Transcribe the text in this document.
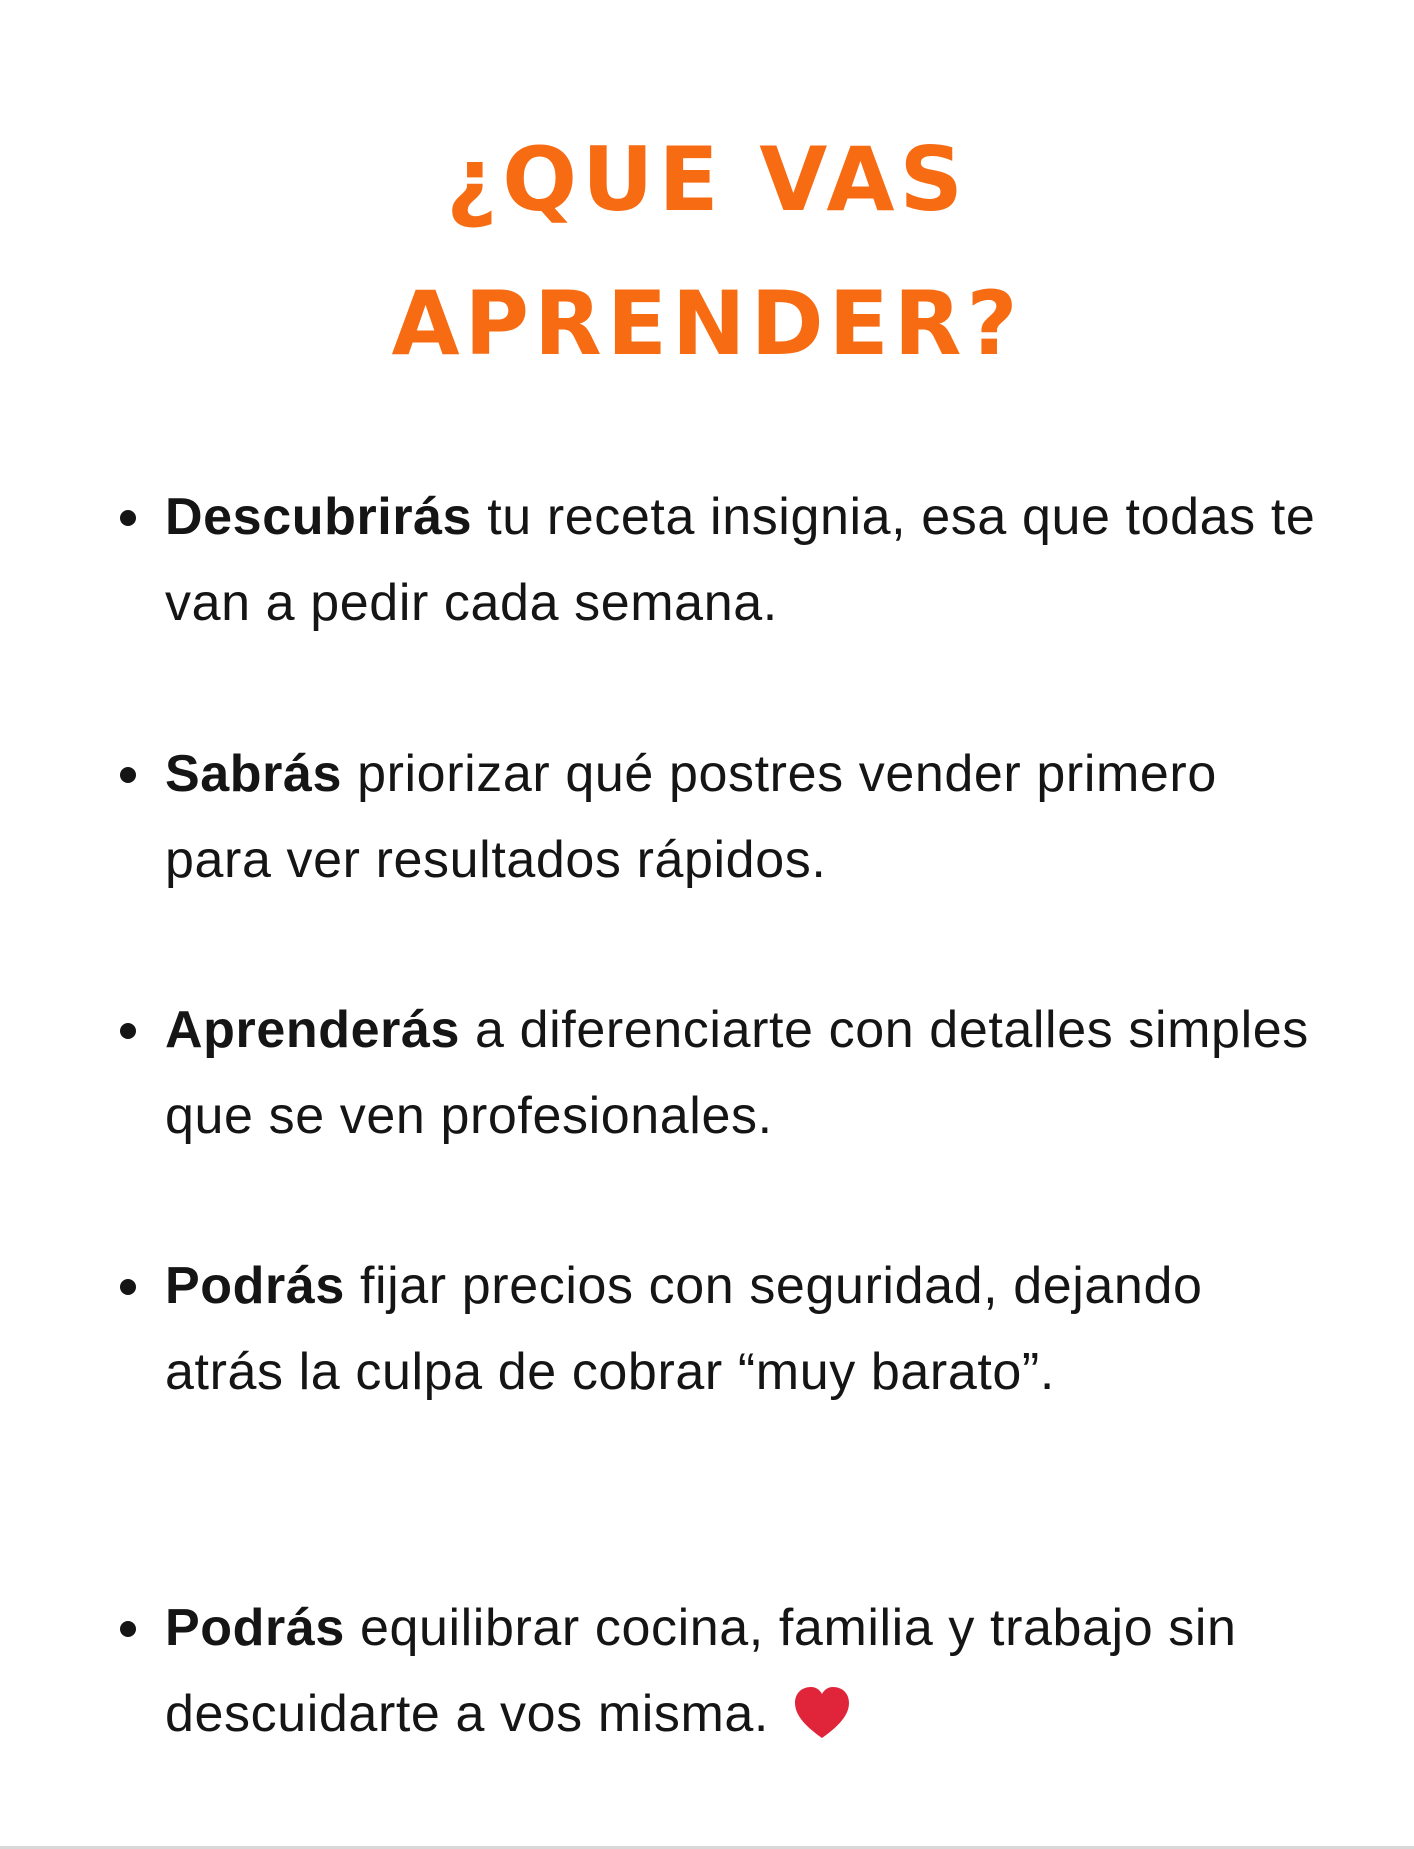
¿QUE VAS
APRENDER?
Descubrirás tu receta insignia, esa que todas te van a pedir cada semana.
Sabrás priorizar qué postres vender primero para ver resultados rápidos.
Aprenderás a diferenciarte con detalles simples que se ven profesionales.
Podrás fijar precios con seguridad, dejando atrás la culpa de cobrar “muy barato”.
Podrás equilibrar cocina, familia y trabajo sin descuidarte a vos misma.
